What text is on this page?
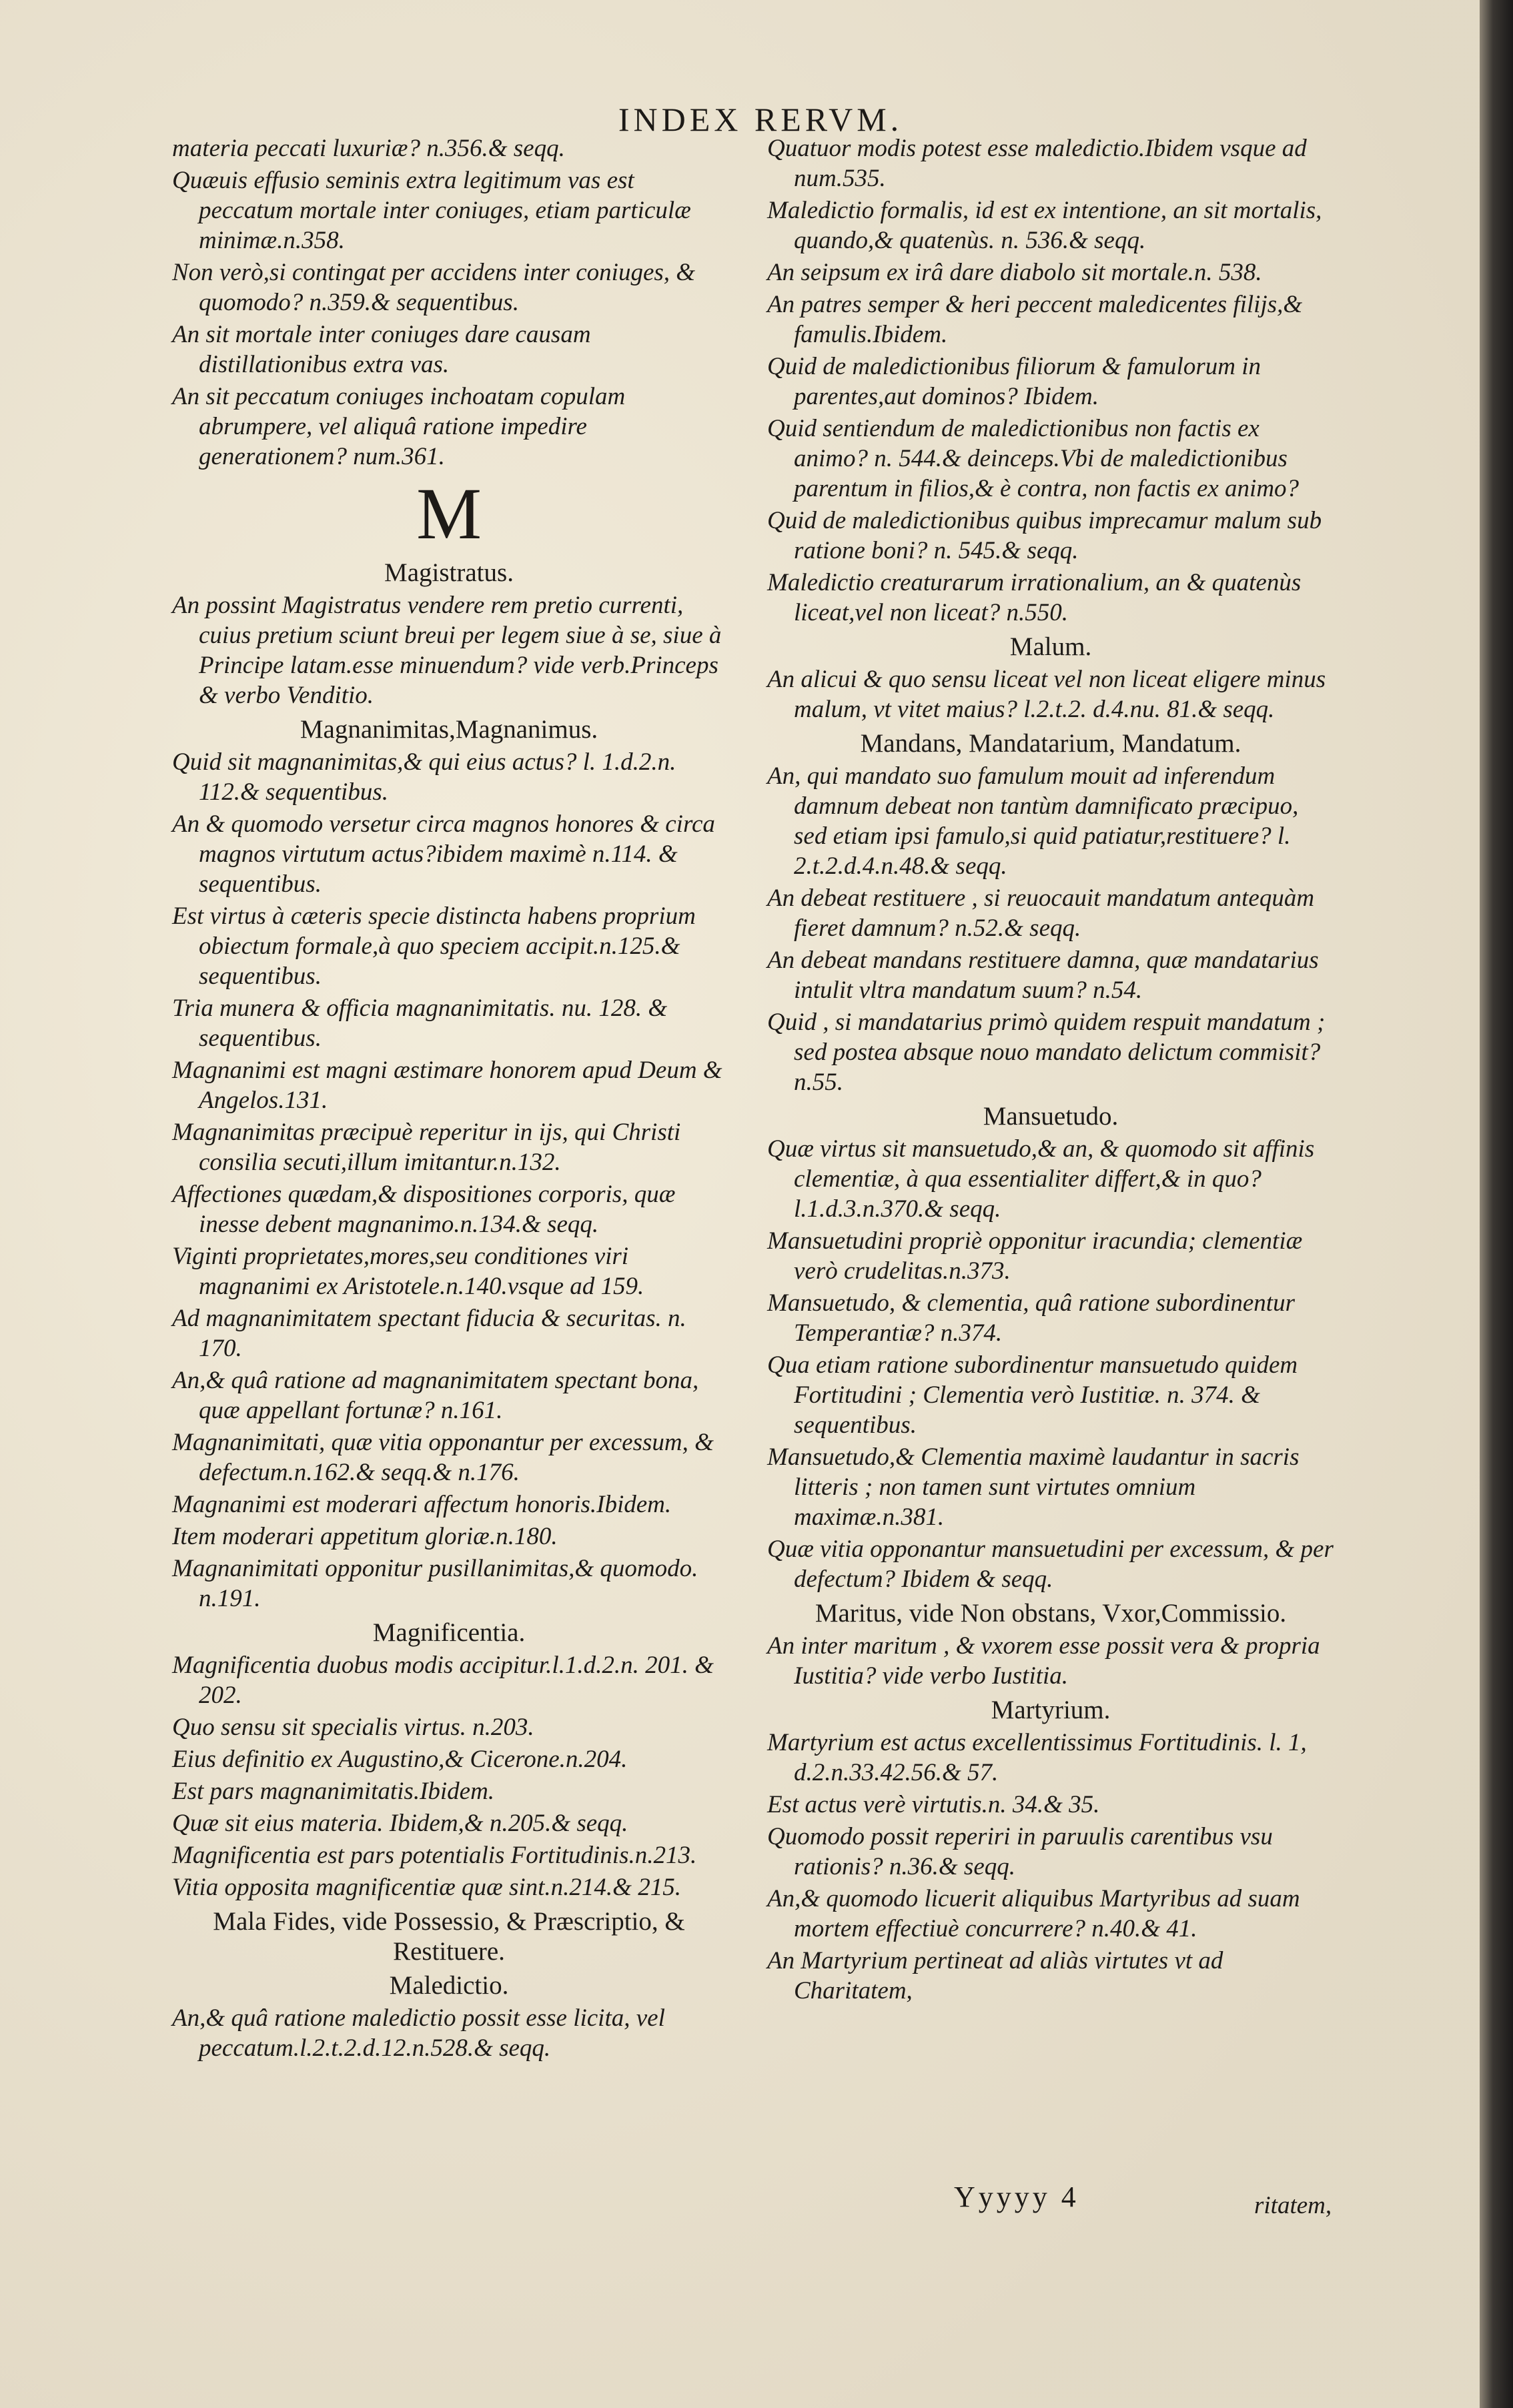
INDEX RERVM.
materia peccati luxuriæ? n.356.& seqq.
Quæuis effusio seminis extra legitimum vas est peccatum mortale inter coniuges, etiam particulæ minimæ.n.358.
Non verò,si contingat per accidens inter coniuges, & quomodo? n.359.& sequentibus.
An sit mortale inter coniuges dare causam distillationibus extra vas.
An sit peccatum coniuges inchoatam copulam abrumpere, vel aliquâ ratione impedire generationem? num.361.
M
Magistratus.
An possint Magistratus vendere rem pretio currenti, cuius pretium sciunt breui per legem siue à se, siue à Principe latam.esse minuendum? vide verb.Princeps & verbo Venditio.
Magnanimitas,Magnanimus.
Quid sit magnanimitas,& qui eius actus? l. 1.d.2.n. 112.& sequentibus.
An & quomodo versetur circa magnos honores & circa magnos virtutum actus?ibidem maximè n.114. & sequentibus.
Est virtus à cæteris specie distincta habens proprium obiectum formale,à quo speciem accipit.n.125.& sequentibus.
Tria munera & officia magnanimitatis. nu. 128. & sequentibus.
Magnanimi est magni æstimare honorem apud Deum & Angelos.131.
Magnanimitas præcipuè reperitur in ijs, qui Christi consilia secuti,illum imitantur.n.132.
Affectiones quædam,& dispositiones corporis, quæ inesse debent magnanimo.n.134.& seqq.
Viginti proprietates,mores,seu conditiones viri magnanimi ex Aristotele.n.140.vsque ad 159.
Ad magnanimitatem spectant fiducia & securitas. n. 170.
An,& quâ ratione ad magnanimitatem spectant bona, quæ appellant fortunæ? n.161.
Magnanimitati, quæ vitia opponantur per excessum, & defectum.n.162.& seqq.& n.176.
Magnanimi est moderari affectum honoris.Ibidem.
Item moderari appetitum gloriæ.n.180.
Magnanimitati opponitur pusillanimitas,& quomodo. n.191.
Magnificentia.
Magnificentia duobus modis accipitur.l.1.d.2.n. 201. & 202.
Quo sensu sit specialis virtus. n.203.
Eius definitio ex Augustino,& Cicerone.n.204.
Est pars magnanimitatis.Ibidem.
Quæ sit eius materia. Ibidem,& n.205.& seqq.
Magnificentia est pars potentialis Fortitudinis.n.213.
Vitia opposita magnificentiæ quæ sint.n.214.& 215.
Mala Fides, vide Possessio, & Præscriptio, & Restituere.
Maledictio.
An,& quâ ratione maledictio possit esse licita, vel peccatum.l.2.t.2.d.12.n.528.& seqq.
Quatuor modis potest esse maledictio.Ibidem vsque ad num.535.
Maledictio formalis, id est ex intentione, an sit mortalis, quando,& quatenùs. n. 536.& seqq.
An seipsum ex irâ dare diabolo sit mortale.n. 538.
An patres semper & heri peccent maledicentes filijs,& famulis.Ibidem.
Quid de maledictionibus filiorum & famulorum in parentes,aut dominos? Ibidem.
Quid sentiendum de maledictionibus non factis ex animo? n. 544.& deinceps.Vbi de maledictionibus parentum in filios,& è contra, non factis ex animo?
Quid de maledictionibus quibus imprecamur malum sub ratione boni? n. 545.& seqq.
Maledictio creaturarum irrationalium, an & quatenùs liceat,vel non liceat? n.550.
Malum.
An alicui & quo sensu liceat vel non liceat eligere minus malum, vt vitet maius? l.2.t.2. d.4.nu. 81.& seqq.
Mandans, Mandatarium, Mandatum.
An, qui mandato suo famulum mouit ad inferendum damnum debeat non tantùm damnificato præcipuo, sed etiam ipsi famulo,si quid patiatur,restituere? l. 2.t.2.d.4.n.48.& seqq.
An debeat restituere , si reuocauit mandatum antequàm fieret damnum? n.52.& seqq.
An debeat mandans restituere damna, quæ mandatarius intulit vltra mandatum suum? n.54.
Quid , si mandatarius primò quidem respuit mandatum ; sed postea absque nouo mandato delictum commisit? n.55.
Mansuetudo.
Quæ virtus sit mansuetudo,& an, & quomodo sit affinis clementiæ, à qua essentialiter differt,& in quo? l.1.d.3.n.370.& seqq.
Mansuetudini propriè opponitur iracundia; clementiæ verò crudelitas.n.373.
Mansuetudo, & clementia, quâ ratione subordinentur Temperantiæ? n.374.
Qua etiam ratione subordinentur mansuetudo quidem Fortitudini ; Clementia verò Iustitiæ. n. 374. & sequentibus.
Mansuetudo,& Clementia maximè laudantur in sacris litteris ; non tamen sunt virtutes omnium maximæ.n.381.
Quæ vitia opponantur mansuetudini per excessum, & per defectum? Ibidem & seqq.
Maritus, vide Non obstans, Vxor,Commissio.
An inter maritum , & vxorem esse possit vera & propria Iustitia? vide verbo Iustitia.
Martyrium.
Martyrium est actus excellentissimus Fortitudinis. l. 1, d.2.n.33.42.56.& 57.
Est actus verè virtutis.n. 34.& 35.
Quomodo possit reperiri in paruulis carentibus vsu rationis? n.36.& seqq.
An,& quomodo licuerit aliquibus Martyribus ad suam mortem effectiuè concurrere? n.40.& 41.
An Martyrium pertineat ad aliàs virtutes vt ad Charitatem,
Yyyyy 4	ritatem,
